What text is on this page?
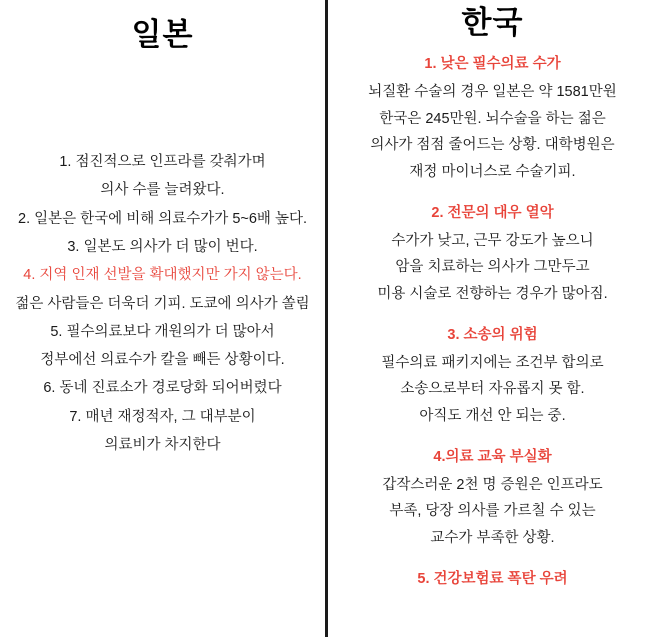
일본
1. 점진적으로 인프라를 갖춰가며
의사 수를 늘려왔다.
2. 일본은 한국에 비해 의료수가가 5~6배 높다.
3. 일본도 의사가 더 많이 번다.
4. 지역 인재 선발을 확대했지만 가지 않는다.
젊은 사람들은 더욱더 기피. 도쿄에 의사가 쏠림
5. 필수의료보다 개원의가 더 많아서
정부에선 의료수가 칼을 빼든 상황이다.
6. 동네 진료소가 경로당화 되어버렸다
7. 매년 재정적자, 그 대부분이
의료비가 차지한다
한국
1. 낮은 필수의료 수가
뇌질환 수술의 경우 일본은 약 1581만원
한국은 245만원. 뇌수술을 하는 젊은
의사가 점점 줄어드는 상황. 대학병원은
재정 마이너스로 수술기피.
2. 전문의 대우 열악
수가가 낮고, 근무 강도가 높으니
암을 치료하는 의사가 그만두고
미용 시술로 전향하는 경우가 많아짐.
3. 소송의 위험
필수의료 패키지에는 조건부 합의로
소송으로부터 자유롭지 못 함.
아직도 개선 안 되는 중.
4.의료 교육 부실화
갑작스러운 2천 명 증원은 인프라도
부족, 당장 의사를 가르칠 수 있는
교수가 부족한 상황.
5. 건강보험료 폭탄 우려
